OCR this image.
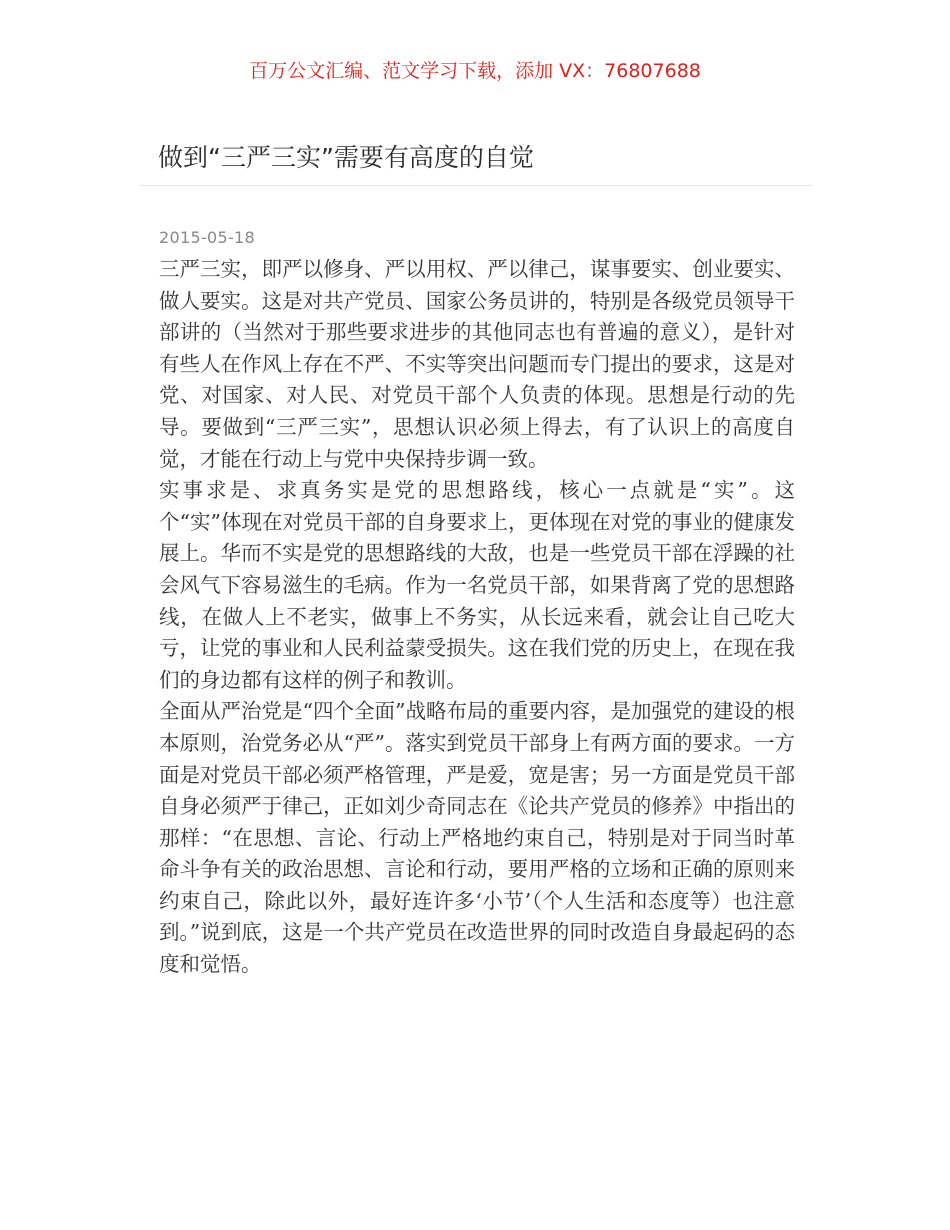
百万公文汇编、范文学习下载，添加 VX：76807688
做到“三严三实”需要有高度的自觉
2015-05-18

三严三实，即严以修身、严以用权、严以律己，谋事要实、创业要实、做人要实。这是对共产党员、国家公务员讲的，特别是各级党员领导干部讲的（当然对于那些要求进步的其他同志也有普遍的意义），是针对有些人在作风上存在不严、不实等突出问题而专门提出的要求，这是对党、对国家、对人民、对党员干部个人负责的体现。思想是行动的先导。要做到“三严三实”，思想认识必须上得去，有了认识上的高度自觉，才能在行动上与党中央保持步调一致。

实事求是、求真务实是党的思想路线，核心一点就是“实”。这个“实”体现在对党员干部的自身要求上，更体现在对党的事业的健康发展上。华而不实是党的思想路线的大敌，也是一些党员干部在浮躁的社会风气下容易滋生的毛病。作为一名党员干部，如果背离了党的思想路线，在做人上不老实，做事上不务实，从长远来看，就会让自己吃大亏，让党的事业和人民利益蒙受损失。这在我们党的历史上，在现在我们的身边都有这样的例子和教训。

全面从严治党是“四个全面”战略布局的重要内容，是加强党的建设的根本原则，治党务必从“严”。落实到党员干部身上有两方面的要求。一方面是对党员干部必须严格管理，严是爱，宽是害；另一方面是党员干部自身必须严于律己，正如刘少奇同志在《论共产党员的修养》中指出的那样：“在思想、言论、行动上严格地约束自己，特别是对于同当时革命斗争有关的政治思想、言论和行动，要用严格的立场和正确的原则来约束自己，除此以外，最好连许多‘小节’（个人生活和态度等）也注意到。”说到底，这是一个共产党员在改造世界的同时改造自身最起码的态度和觉悟。
